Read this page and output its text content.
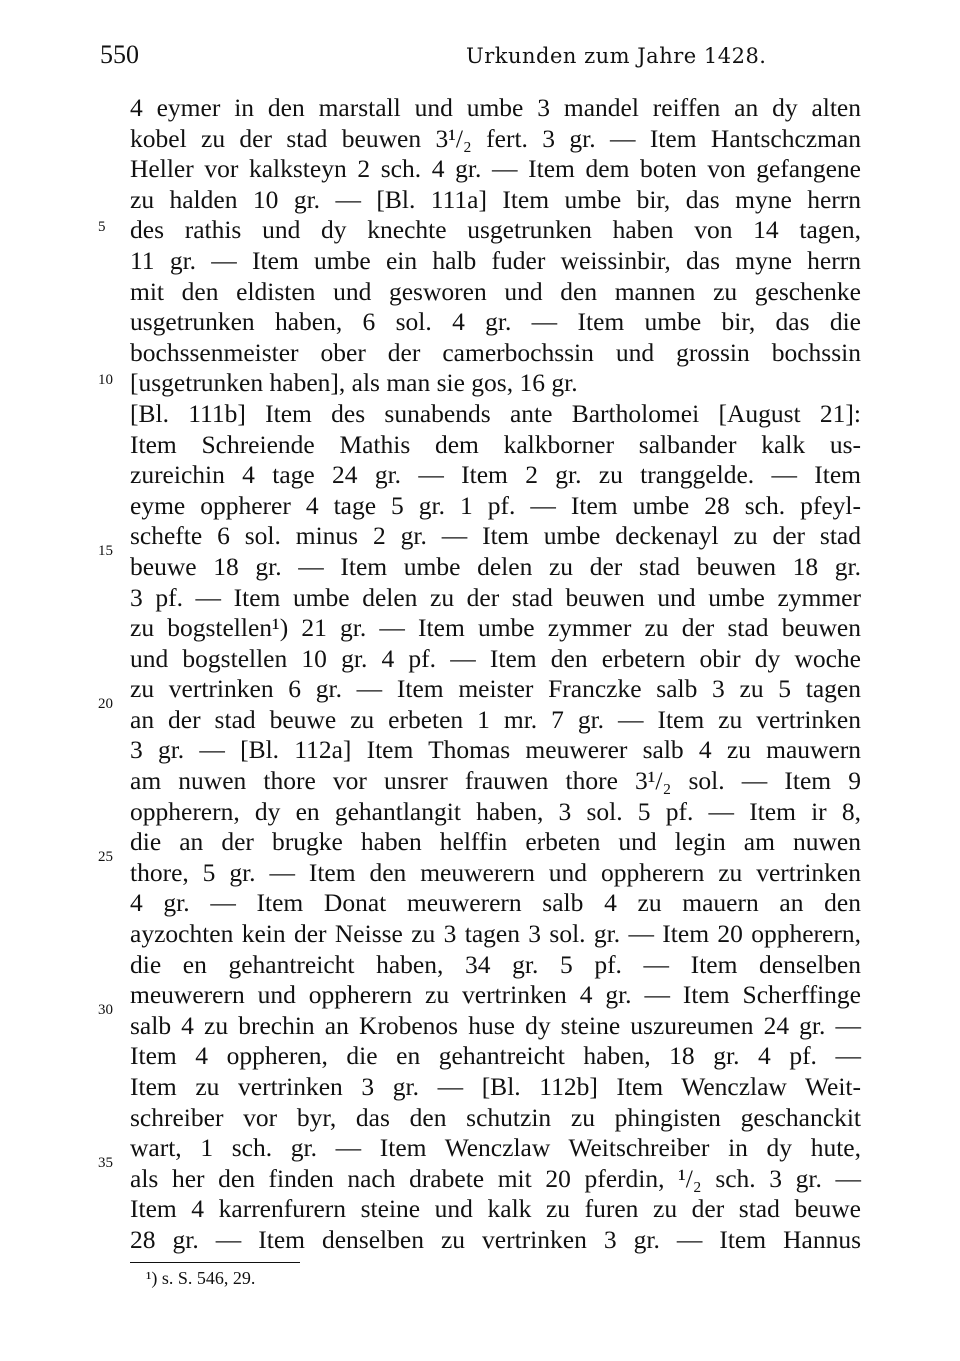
550	Urkunden zum Jahre 1428.
5
10
15
20
25
30
35
4 eymer in den marstall und umbe 3 mandel reiffen an dy alten
kobel zu der stad beuwen 3¹/₂ fert. 3 gr. — Item Hantschczman
Heller vor kalksteyn 2 sch. 4 gr. — Item dem boten von gefangene
zu halden 10 gr. — [Bl. 111a] Item umbe bir, das myne herrn
des rathis und dy knechte usgetrunken haben von 14 tagen,
11 gr. — Item umbe ein halb fuder weissinbir, das myne herrn
mit den eldisten und gesworen und den mannen zu geschenke
usgetrunken haben, 6 sol. 4 gr. — Item umbe bir, das die
bochssenmeister ober der camerbochssin und grossin bochssin
[usgetrunken haben], als man sie gos, 16 gr.
[Bl. 111b] Item des sunabends ante Bartholomei [August 21]:
Item Schreiende Mathis dem kalkborner salbander kalk us-
zureichin 4 tage 24 gr. — Item 2 gr. zu tranggelde. — Item
eyme oppherer 4 tage 5 gr. 1 pf. — Item umbe 28 sch. pfeyl-
schefte 6 sol. minus 2 gr. — Item umbe deckenayl zu der stad
beuwe 18 gr. — Item umbe delen zu der stad beuwen 18 gr.
3 pf. — Item umbe delen zu der stad beuwen und umbe zymmer
zu bogstellen¹) 21 gr. — Item umbe zymmer zu der stad beuwen
und bogstellen 10 gr. 4 pf. — Item den erbetern obir dy woche
zu vertrinken 6 gr. — Item meister Franczke salb 3 zu 5 tagen
an der stad beuwe zu erbeten 1 mr. 7 gr. — Item zu vertrinken
3 gr. — [Bl. 112a] Item Thomas meuwerer salb 4 zu mauwern
am nuwen thore vor unsrer frauwen thore 3¹/₂ sol. — Item 9
oppherern, dy en gehantlangit haben, 3 sol. 5 pf. — Item ir 8,
die an der brugke haben helffin erbeten und legin am nuwen
thore, 5 gr. — Item den meuwerern und oppherern zu vertrinken
4 gr. — Item Donat meuwerern salb 4 zu mauern an den
ayzochten kein der Neisse zu 3 tagen 3 sol. gr. — Item 20 oppherern,
die en gehantreicht haben, 34 gr. 5 pf. — Item denselben
meuwerern und oppherern zu vertrinken 4 gr. — Item Scherffinge
salb 4 zu brechin an Krobenos huse dy steine uszureumen 24 gr. —
Item 4 oppheren, die en gehantreicht haben, 18 gr. 4 pf. —
Item zu vertrinken 3 gr. — [Bl. 112b] Item Wenczlaw Weit-
schreiber vor byr, das den schutzin zu phingisten geschanckit
wart, 1 sch. gr. — Item Wenczlaw Weitschreiber in dy hute,
als her den finden nach drabete mit 20 pferdin, ¹/₂ sch. 3 gr. —
Item 4 karrenfurern steine und kalk zu furen zu der stad beuwe
28 gr. — Item denselben zu vertrinken 3 gr. — Item Hannus
¹) s. S. 546, 29.
